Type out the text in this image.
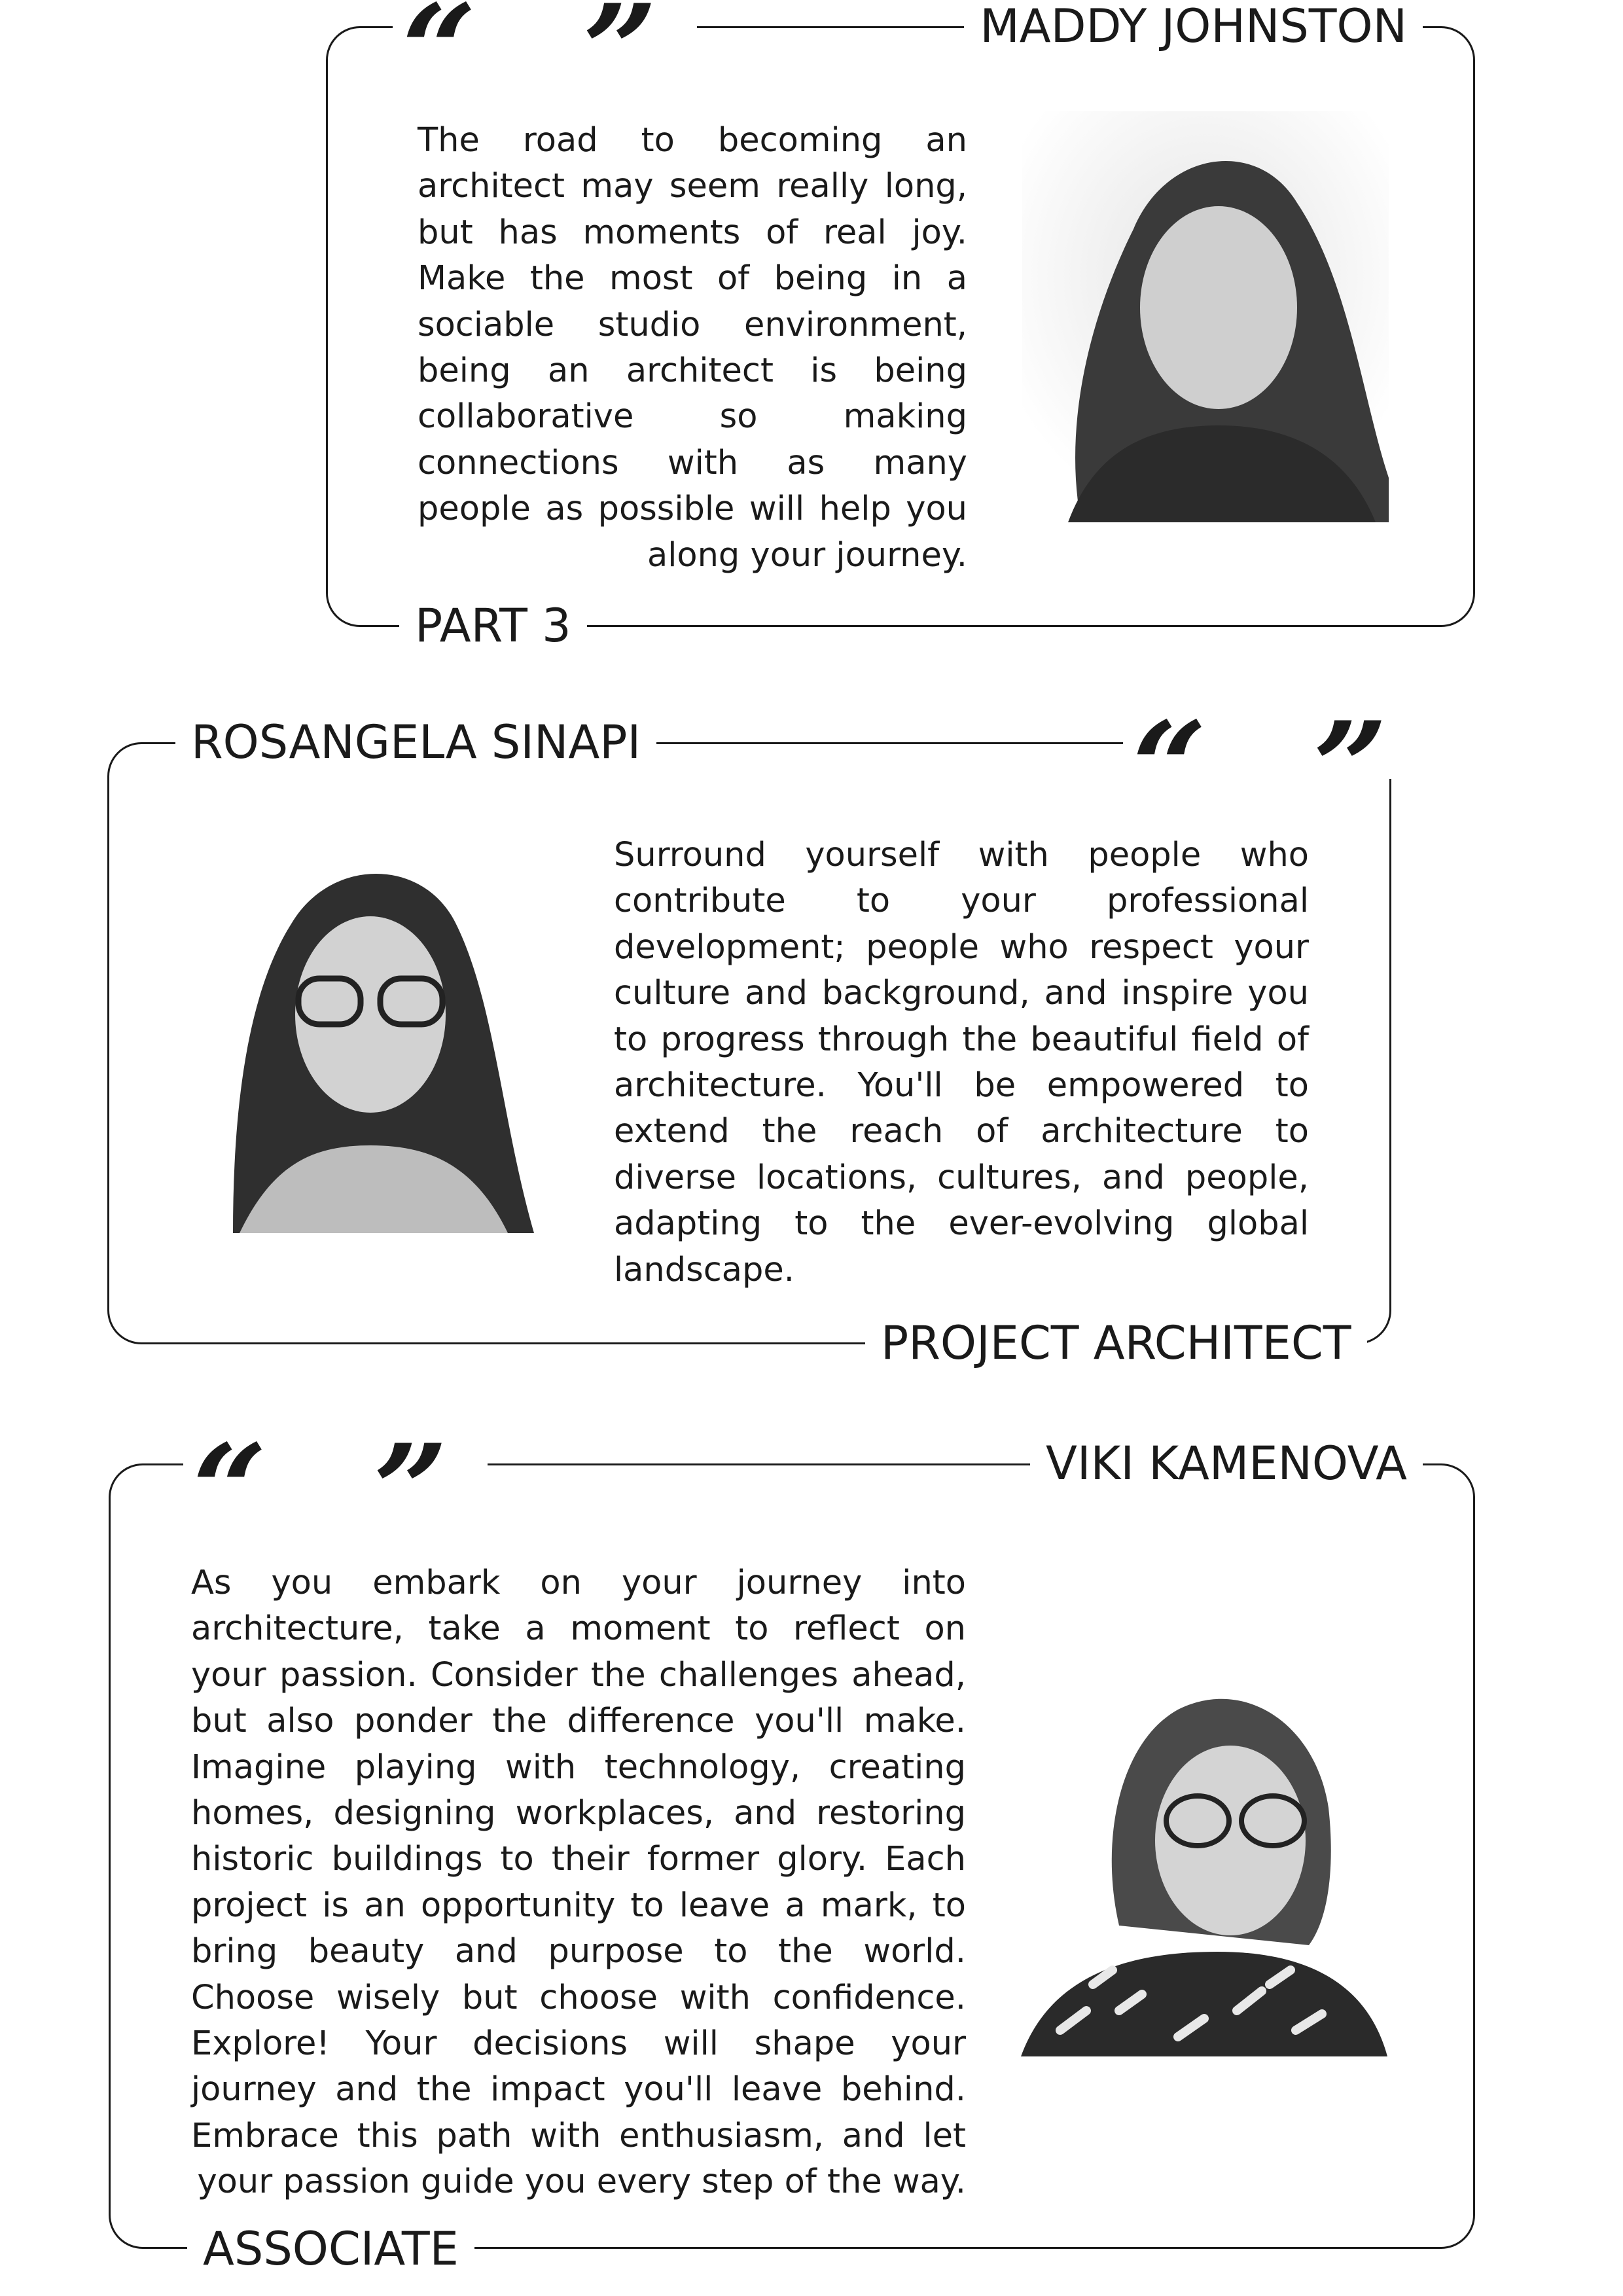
“ ”	MADDY JOHNSTON

The road to becoming an architect may seem really long, but has moments of real joy. Make the most of being in a sociable studio environment, being an architect is being collaborative so making connections with as many people as possible will help you along your journey.

PART 3
ROSANGELA SINAPI	“ ”

Surround yourself with people who contribute to your professional development; people who respect your culture and background, and inspire you to progress through the beautiful field of architecture. You'll be empowered to extend the reach of architecture to diverse locations, cultures, and people, adapting to the ever-evolving global landscape.

PROJECT ARCHITECT
“ ”	VIKI KAMENOVA

As you embark on your journey into architecture, take a moment to reflect on your passion. Consider the challenges ahead, but also ponder the difference you'll make. Imagine playing with technology, creating homes, designing workplaces, and restoring historic buildings to their former glory. Each project is an opportunity to leave a mark, to bring beauty and purpose to the world. Choose wisely but choose with confidence. Explore! Your decisions will shape your journey and the impact you'll leave behind. Embrace this path with enthusiasm, and let your passion guide you every step of the way.

ASSOCIATE
